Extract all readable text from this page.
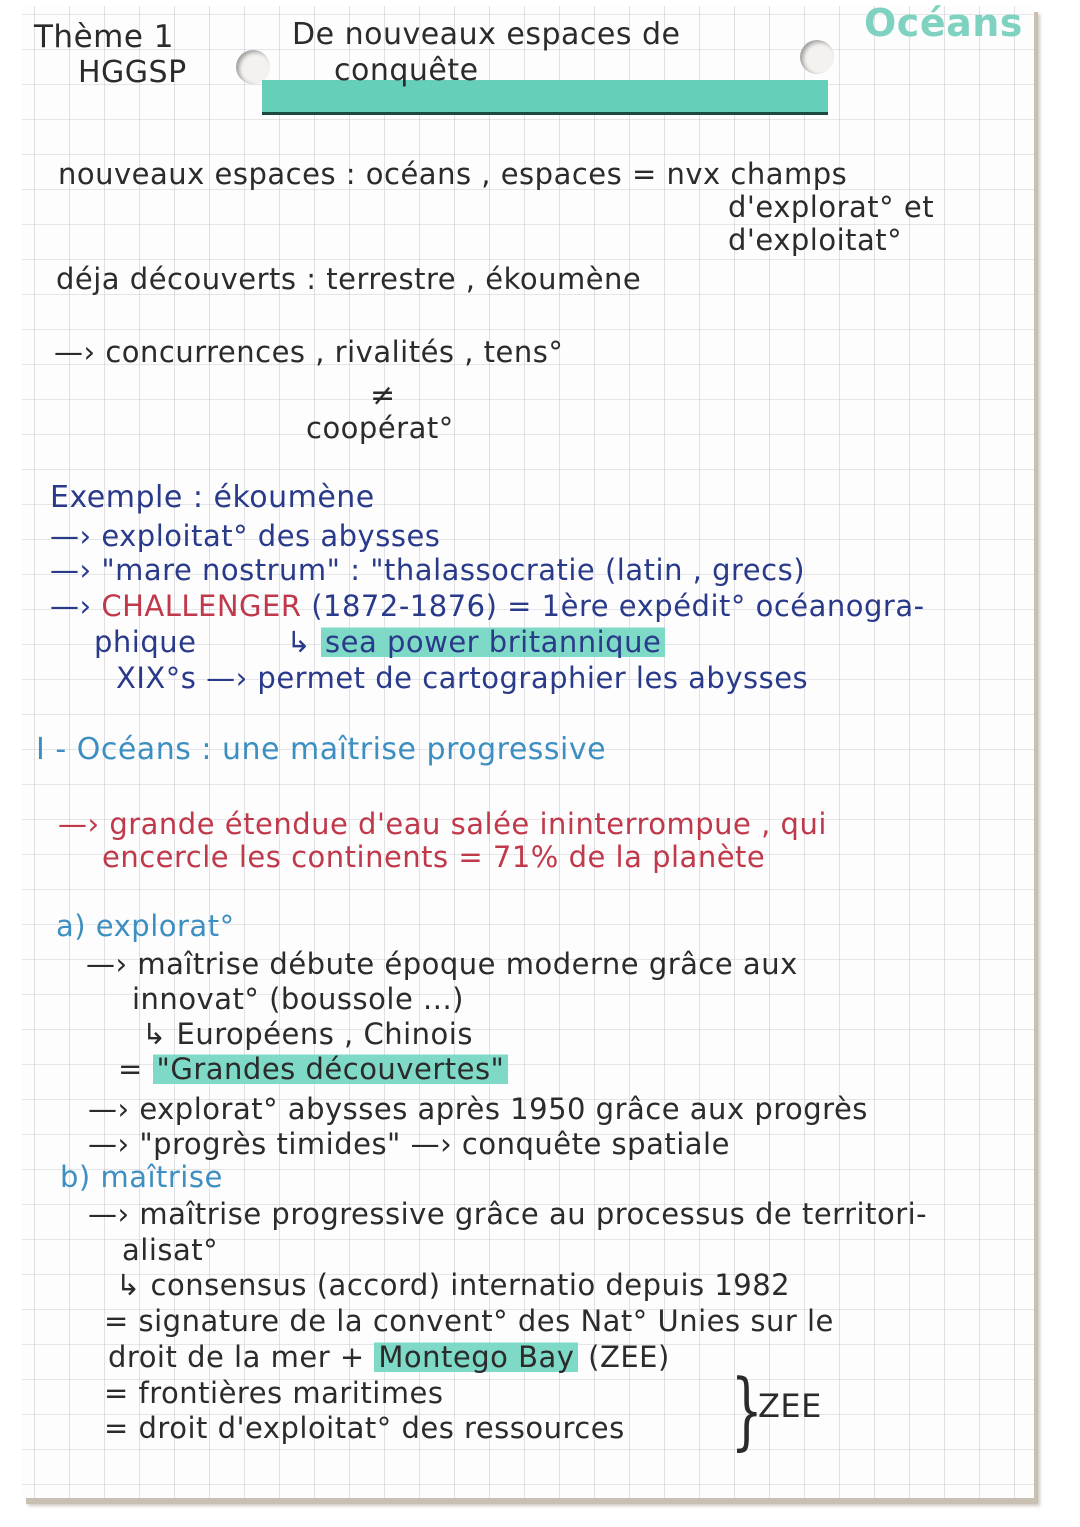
Thème 1
HGGSP
De nouveaux espaces de
conquête
Océans
nouveaux espaces : océans , espaces = nvx champs
d'explorat° et
d'exploitat°
déja découverts : terrestre , ékoumène
—› concurrences , rivalités , tens°
≠
coopérat°
Exemple : ékoumène
—› exploitat° des abysses
—› "mare nostrum" : "thalassocratie (latin , grecs)
—› CHALLENGER (1872-1876) = 1ère expédit° océanogra-
phique	↳ sea power britannique
XIX°s —› permet de cartographier les abysses
I - Océans : une maîtrise progressive
—› grande étendue d'eau salée ininterrompue , qui
encercle les continents = 71% de la planète
a) explorat°
—› maîtrise débute époque moderne grâce aux
innovat° (boussole ...)
↳ Européens , Chinois
= "Grandes découvertes"
—› explorat° abysses après 1950 grâce aux progrès
—› "progrès timides" —› conquête spatiale
b) maîtrise
—› maîtrise progressive grâce au processus de territori-
alisat°
↳ consensus (accord) internatio depuis 1982
= signature de la convent° des Nat° Unies sur le
droit de la mer + Montego Bay (ZEE)
= frontières maritimes
= droit d'exploitat° des ressources }
ZEE
